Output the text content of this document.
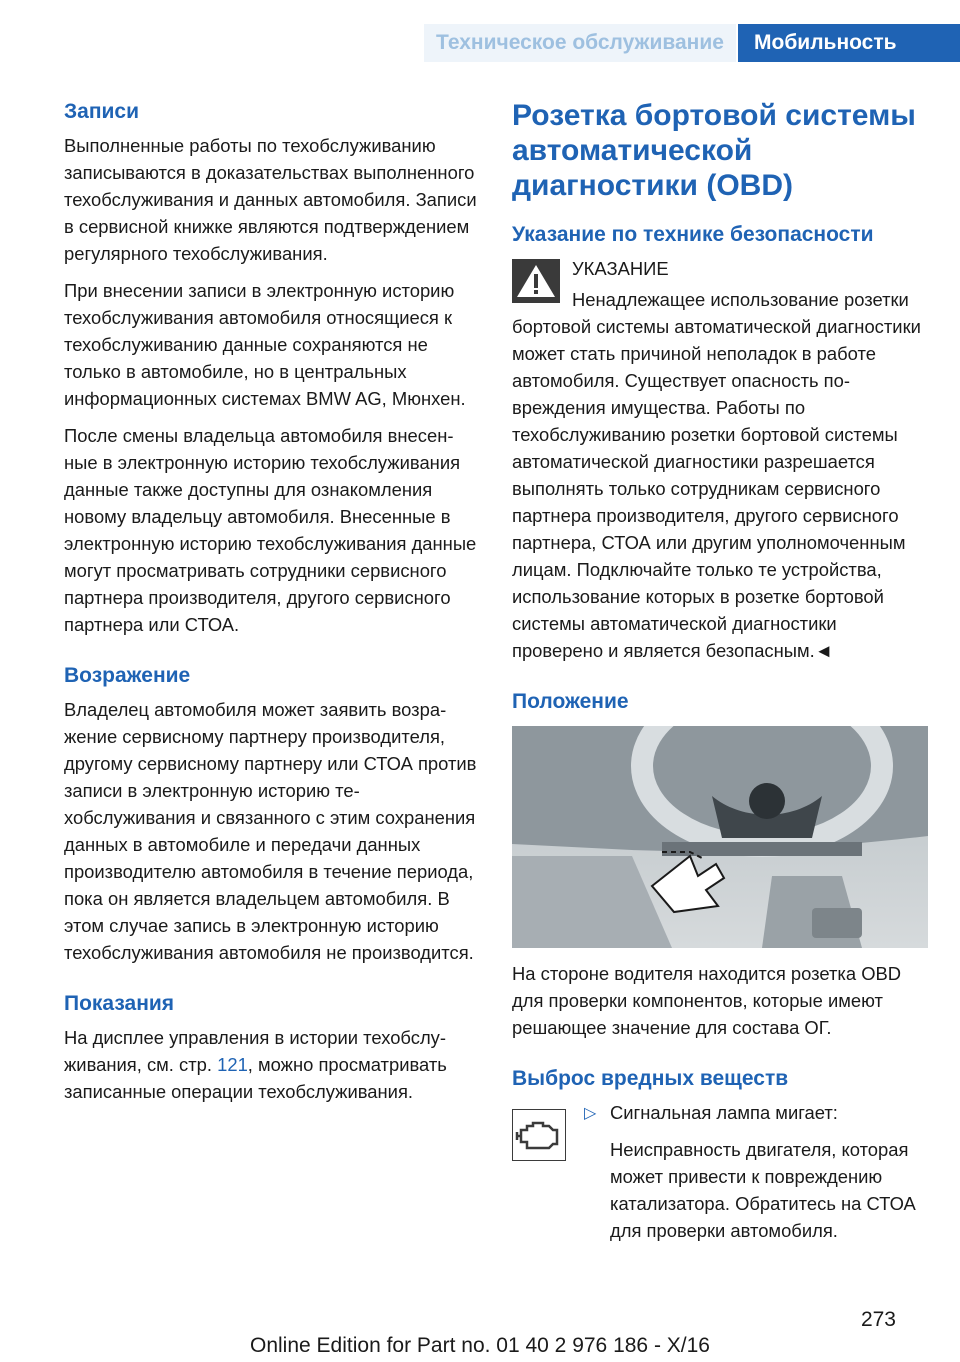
Техническое обслуживание	Мобильность
Записи

Выполненные работы по техобслуживанию записываются в доказательствах выполненного техобслуживания и данных автомобиля. Записи в сервисной книжке являются подтверждением регулярного техобслуживания.

При внесении записи в электронную историю техобслуживания автомобиля относящиеся к техобслуживанию данные сохраняются не только в автомобиле, но в центральных информационных системах BMW AG, Мюнхен.

После смены владельца автомобиля внесенные в электронную историю техобслуживания данные также доступны для ознакомления новому владельцу автомобиля. Внесенные в электронную историю техобслуживания данные могут просматривать сотрудники сервисного партнера производителя, другого сервисного партнера или СТОА.

Возражение

Владелец автомобиля может заявить возражение сервисному партнеру производителя, другому сервисному партнеру или СТОА против записи в электронную историю техобслуживания и связанного с этим сохранения данных в автомобиле и передачи данных производителю автомобиля в течение периода, пока он является владельцем автомобиля. В этом случае запись в электронную историю техобслуживания автомобиля не производится.

Показания

На дисплее управления в истории техобслуживания, см. стр. 121, можно просматривать записанные операции техобслуживания.

Розетка бортовой системы автоматической диагностики (OBD)
Указание по технике безопасности

УКАЗАНИЕ

Ненадлежащее использование розетки бортовой системы автоматической диагностики может стать причиной неполадок в работе автомобиля. Существует опасность повреждения имущества. Работы по техобслуживанию розетки бортовой системы автоматической диагностики разрешается выполнять только сотрудникам сервисного партнера производителя, другого сервисного партнера, СТОА или другим уполномоченным лицам. Подключайте только те устройства, использование которых в розетке бортовой системы автоматической диагностики проверено и является безопасным.◄

Положение

На стороне водителя находится розетка OBD для проверки компонентов, которые имеют решающее значение для состава ОГ.

Выброс вредных веществ
▷ Сигнальная лампа мигает:

Неисправность двигателя, которая может привести к повреждению катализатора. Обратитесь на СТОА для проверки автомобиля.

273
Online Edition for Part no. 01 40 2 976 186 - X/16
